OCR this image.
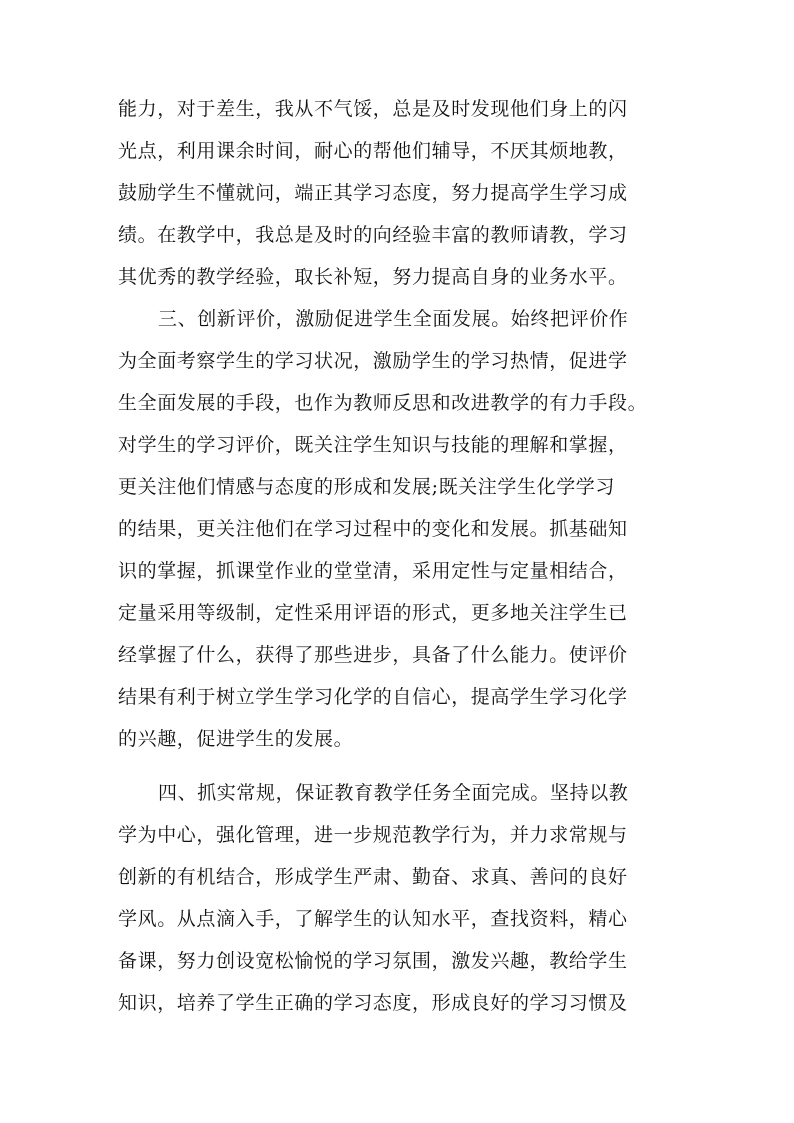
能力，对于差生，我从不气馁，总是及时发现他们身上的闪
光点，利用课余时间，耐心的帮他们辅导，不厌其烦地教，
鼓励学生不懂就问，端正其学习态度，努力提高学生学习成
绩。在教学中，我总是及时的向经验丰富的教师请教，学习
其优秀的教学经验，取长补短，努力提高自身的业务水平。
三、创新评价，激励促进学生全面发展。始终把评价作
为全面考察学生的学习状况，激励学生的学习热情，促进学
生全面发展的手段，也作为教师反思和改进教学的有力手段。
对学生的学习评价，既关注学生知识与技能的理解和掌握，
更关注他们情感与态度的形成和发展;既关注学生化学学习
的结果，更关注他们在学习过程中的变化和发展。抓基础知
识的掌握，抓课堂作业的堂堂清，采用定性与定量相结合，
定量采用等级制，定性采用评语的形式，更多地关注学生已
经掌握了什么，获得了那些进步，具备了什么能力。使评价
结果有利于树立学生学习化学的自信心，提高学生学习化学
的兴趣，促进学生的发展。
四、抓实常规，保证教育教学任务全面完成。坚持以教
学为中心，强化管理，进一步规范教学行为，并力求常规与
创新的有机结合，形成学生严肃、勤奋、求真、善问的良好
学风。从点滴入手，了解学生的认知水平，查找资料，精心
备课，努力创设宽松愉悦的学习氛围，激发兴趣，教给学生
知识，培养了学生正确的学习态度，形成良好的学习习惯及
